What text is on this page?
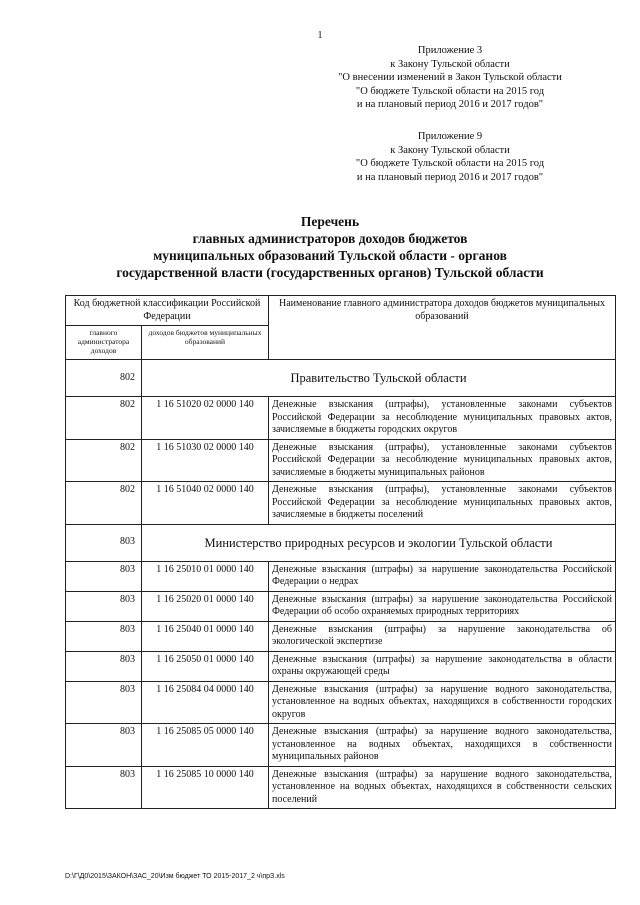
1
Приложение 3
к Закону Тульской области
"О внесении изменений в Закон Тульской области
"О бюджете Тульской области на 2015 год
и на плановый период 2016 и 2017 годов"
Приложение 9
к Закону Тульской области
"О бюджете Тульской области на 2015 год
и на плановый период 2016 и 2017 годов"
Перечень
главных администраторов доходов бюджетов
муниципальных образований Тульской области - органов
государственной власти (государственных органов) Тульской области
Код бюджетной классификации Российской Федерации		Наименование главного администратора доходов бюджетов муниципальных образований
главного администратора доходов	доходов бюджетов муниципальных образований	
802	Правительство Тульской области	
802	1 16 51020 02 0000 140	Денежные взыскания (штрафы), установленные законами субъектов Российской Федерации за несоблюдение муниципальных правовых актов, зачисляемые в бюджеты городских округов
802	1 16 51030 02 0000 140	Денежные взыскания (штрафы), установленные законами субъектов Российской Федерации за несоблюдение муниципальных правовых актов, зачисляемые в бюджеты муниципальных районов
802	1 16 51040 02 0000 140	Денежные взыскания (штрафы), установленные законами субъектов Российской Федерации за несоблюдение муниципальных правовых актов, зачисляемые в бюджеты поселений
803	Министерство природных ресурсов и экологии Тульской области	
803	1 16 25010 01 0000 140	Денежные взыскания (штрафы) за нарушение законодательства Российской Федерации о недрах
803	1 16 25020 01 0000 140	Денежные взыскания (штрафы) за нарушение законодательства Российской Федерации об особо охраняемых природных территориях
803	1 16 25040 01 0000 140	Денежные взыскания (штрафы) за нарушение законодательства об экологической экспертизе
803	1 16 25050 01 0000 140	Денежные взыскания (штрафы) за нарушение законодательства в области охраны окружающей среды
803	1 16 25084 04 0000 140	Денежные взыскания (штрафы) за нарушение водного законодательства, установленное на водных объектах, находящихся в собственности городских округов
803	1 16 25085 05 0000 140	Денежные взыскания (штрафы) за нарушение водного законодательства, установленное на водных объектах, находящихся в собственности муниципальных районов
803	1 16 25085 10 0000 140	Денежные взыскания (штрафы) за нарушение водного законодательства, установленное на водных объектах, находящихся в собственности сельских поселений
D:\Г\Д0\2015\ЗАКОН\ЗАС_20\Изм бюджет ТО 2015-2017_2 ч\прЗ.xls
